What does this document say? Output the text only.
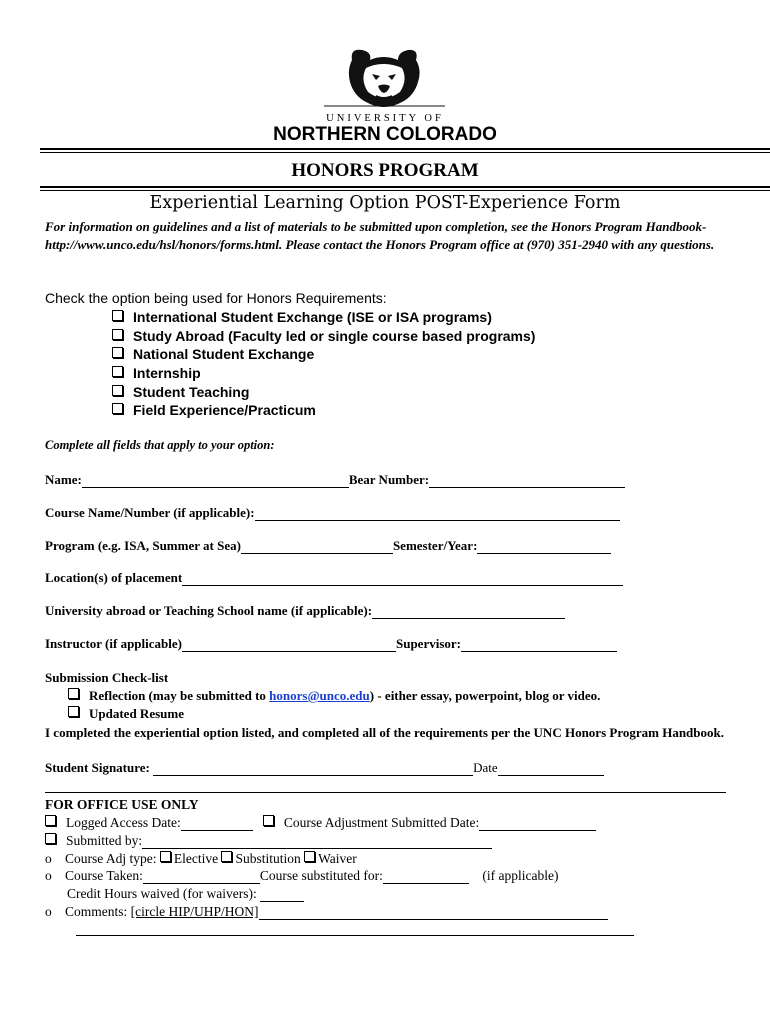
UNIVERSITY OF
NORTHERN COLORADO
HONORS PROGRAM
Experiential Learning Option POST-Experience Form
For information on guidelines and a list of materials to be submitted upon completion, see the Honors Program Handbook- http://www.unco.edu/hsl/honors/forms.html. Please contact the Honors Program office at (970) 351-2940 with any questions.
Check the option being used for Honors Requirements:
International Student Exchange (ISE or ISA programs)
Study Abroad (Faculty led or single course based programs)
National Student Exchange
Internship
Student Teaching
Field Experience/Practicum
Complete all fields that apply to your option:
Name:	Bear Number:
Course Name/Number (if applicable):
Program (e.g. ISA, Summer at Sea)	Semester/Year:
Location(s) of placement
University abroad or Teaching School name (if applicable):
Instructor (if applicable)	Supervisor:
Submission Check-list
Reflection (may be submitted to honors@unco.edu) - either essay, powerpoint, blog or video.
Updated Resume
I completed the experiential option listed, and completed all of the requirements per the UNC Honors Program Handbook.
Student Signature:	Date
FOR OFFICE USE ONLY
Logged Access Date:	Course Adjustment Submitted Date:
Submitted by:
o Course Adj type: Elective Substitution Waiver
o Course Taken:	Course substituted for:	(if applicable)
Credit Hours waived (for waivers):
o Comments: [circle HIP/UHP/HON]
